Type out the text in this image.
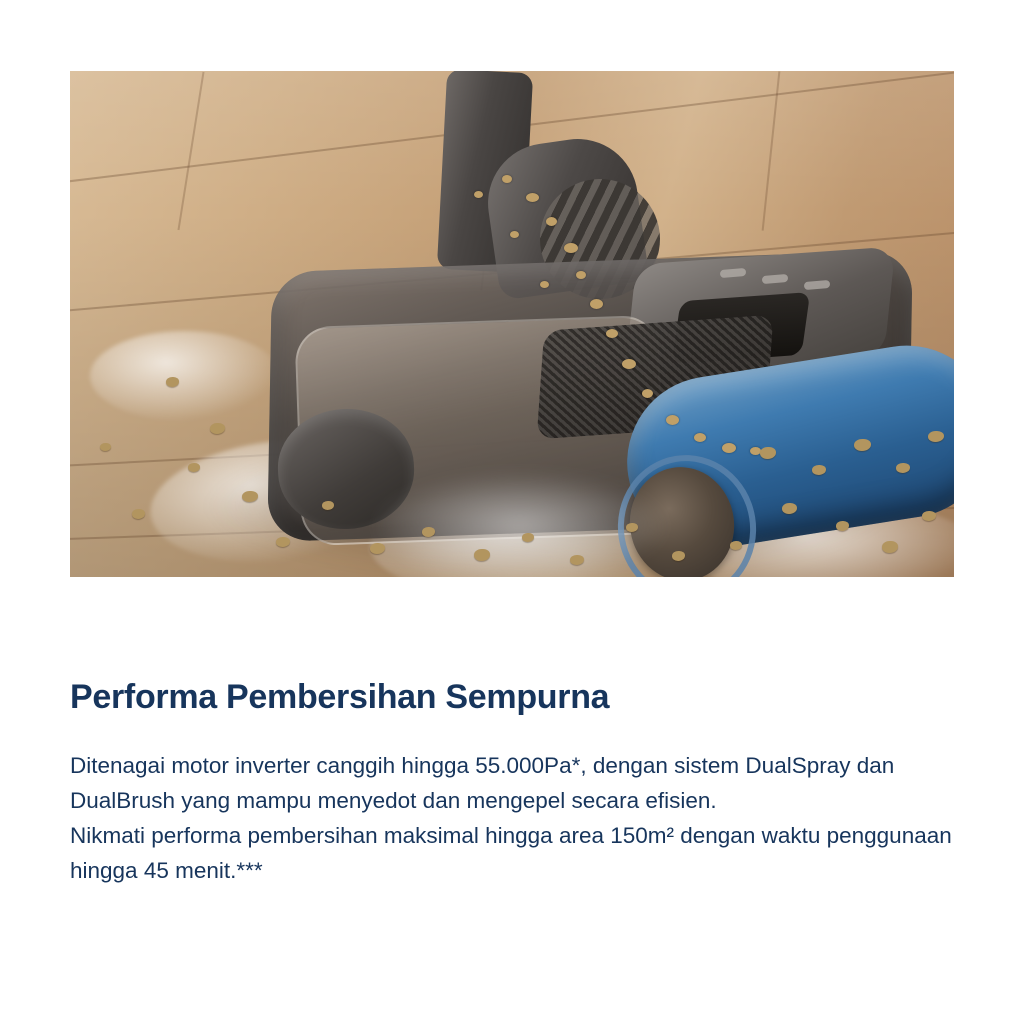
Performa Pembersihan Sempurna

Ditenagai motor inverter canggih hingga 55.000Pa*, dengan sistem DualSpray dan DualBrush yang mampu menyedot dan mengepel secara efisien.

Nikmati performa pembersihan maksimal hingga area 150m² dengan waktu penggunaan hingga 45 menit.***
